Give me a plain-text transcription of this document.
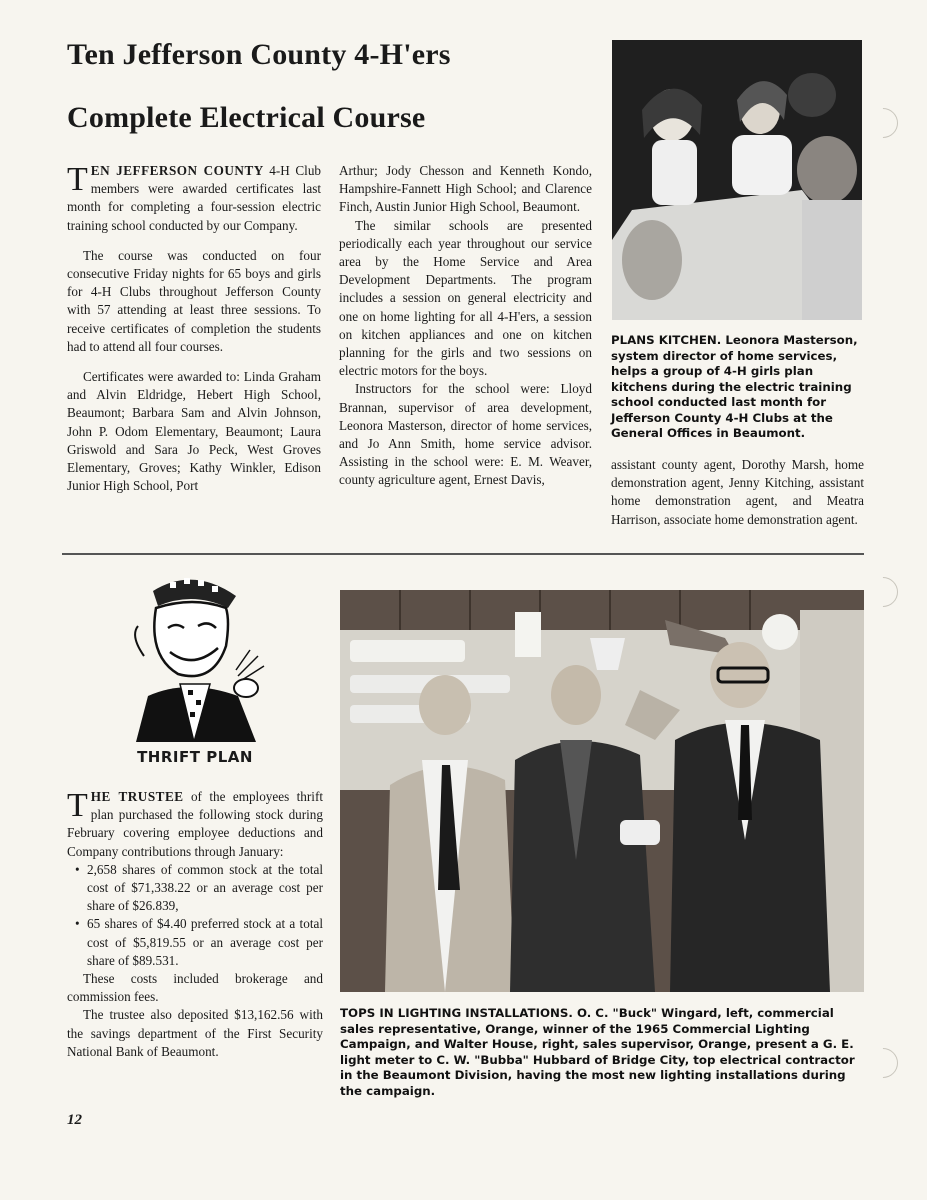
Ten Jefferson County 4-H'ers
Complete Electrical Course

TEN JEFFERSON COUNTY 4-H Club members were awarded certificates last month for completing a four-session electric training school conducted by our Company.

The course was conducted on four consecutive Friday nights for 65 boys and girls for 4-H Clubs throughout Jefferson County with 57 attending at least three sessions. To receive certificates of completion the students had to attend all four courses.

Certificates were awarded to: Linda Graham and Alvin Eldridge, Hebert High School, Beaumont; Barbara Sam and Alvin Johnson, John P. Odom Elementary, Beaumont; Laura Griswold and Sara Jo Peck, West Groves Elementary, Groves; Kathy Winkler, Edison Junior High School, Port

Arthur; Jody Chesson and Kenneth Kondo, Hampshire-Fannett High School; and Clarence Finch, Austin Junior High School, Beaumont.

The similar schools are presented periodically each year throughout our service area by the Home Service and Area Development Departments. The program includes a session on general electricity and one on home lighting for all 4-H'ers, a session on kitchen appliances and one on kitchen planning for the girls and two sessions on electric motors for the boys.

Instructors for the school were: Lloyd Brannan, supervisor of area development, Leonora Masterson, director of home services, and Jo Ann Smith, home service advisor. Assisting in the school were: E. M. Weaver, county agriculture agent, Ernest Davis,

PLANS KITCHEN. Leonora Masterson, system director of home services, helps a group of 4-H girls plan kitchens during the electric training school conducted last month for Jefferson County 4-H Clubs at the General Offices in Beaumont.

assistant county agent, Dorothy Marsh, home demonstration agent, Jenny Kitching, assistant home demonstration agent, and Meatra Harrison, associate home demonstration agent.

THRIFT PLAN

THE TRUSTEE of the employees thrift plan purchased the following stock during February covering employee deductions and Company contributions through January:

• 2,658 shares of common stock at the total cost of $71,338.22 or an average cost per share of $26.839,
• 65 shares of $4.40 preferred stock at a total cost of $5,819.55 or an average cost per share of $89.531.

These costs included brokerage and commission fees.

The trustee also deposited $13,162.56 with the savings department of the First Security National Bank of Beaumont.

TOPS IN LIGHTING INSTALLATIONS. O. C. "Buck" Wingard, left, commercial sales representative, Orange, winner of the 1965 Commercial Lighting Campaign, and Walter House, right, sales supervisor, Orange, present a G. E. light meter to C. W. "Bubba" Hubbard of Bridge City, top electrical contractor in the Beaumont Division, having the most new lighting installations during the campaign.
12
